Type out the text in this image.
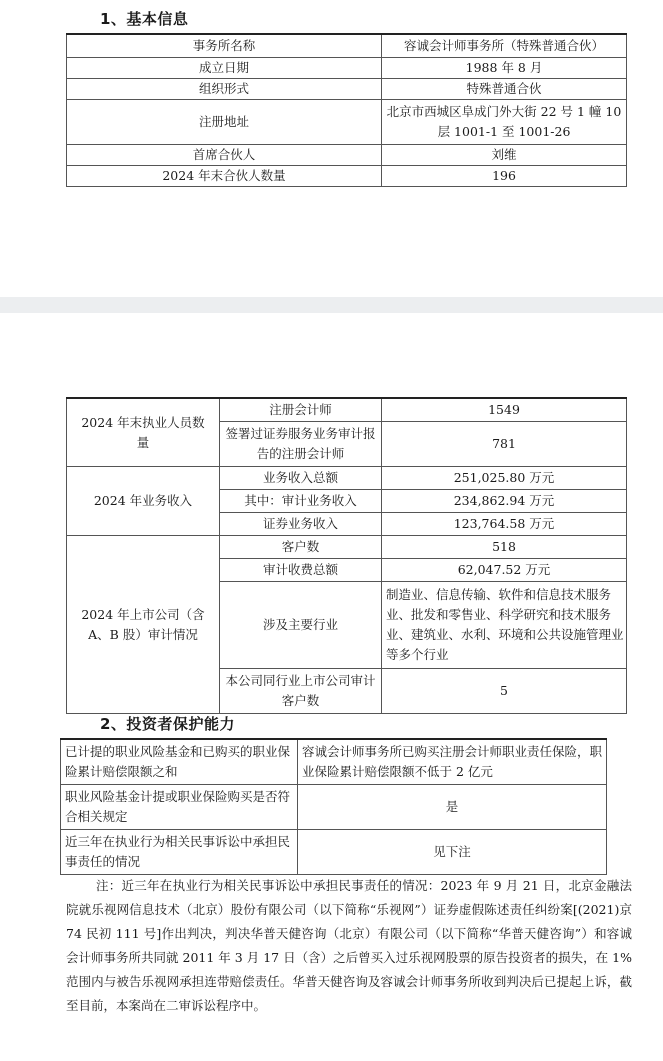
1、基本信息
事务所名称	容诚会计师事务所（特殊普通合伙）
成立日期	1988 年 8 月
组织形式	特殊普通合伙
注册地址	北京市西城区阜成门外大街 22 号 1 幢 10 层 1001-1 至 1001-26
首席合伙人	刘维
2024 年末合伙人数量	196
2024 年末执业人员数量	注册会计师	1549
	签署过证券服务业务审计报告的注册会计师	781
2024 年业务收入	业务收入总额	251,025.80 万元
	其中：审计业务收入	234,862.94 万元
	证券业务收入	123,764.58 万元
2024 年上市公司（含 A、B 股）审计情况	客户数	518
	审计收费总额	62,047.52 万元
	涉及主要行业	制造业、信息传输、软件和信息技术服务业、批发和零售业、科学研究和技术服务业、建筑业、水利、环境和公共设施管理业等多个行业
	本公司同行业上市公司审计客户数	5
2、投资者保护能力
已计提的职业风险基金和已购买的职业保险累计赔偿限额之和	容诚会计师事务所已购买注册会计师职业责任保险，职业保险累计赔偿限额不低于 2 亿元
职业风险基金计提或职业保险购买是否符合相关规定	是
近三年在执业行为相关民事诉讼中承担民事责任的情况	见下注
注：近三年在执业行为相关民事诉讼中承担民事责任的情况：2023 年 9 月 21 日，北京金融法院就乐视网信息技术（北京）股份有限公司（以下简称“乐视网”）证券虚假陈述责任纠纷案[(2021)京 74 民初 111 号]作出判决，判决华普天健咨询（北京）有限公司（以下简称“华普天健咨询”）和容诚会计师事务所共同就 2011 年 3 月 17 日（含）之后曾买入过乐视网股票的原告投资者的损失，在 1%范围内与被告乐视网承担连带赔偿责任。华普天健咨询及容诚会计师事务所收到判决后已提起上诉，截至目前，本案尚在二审诉讼程序中。
